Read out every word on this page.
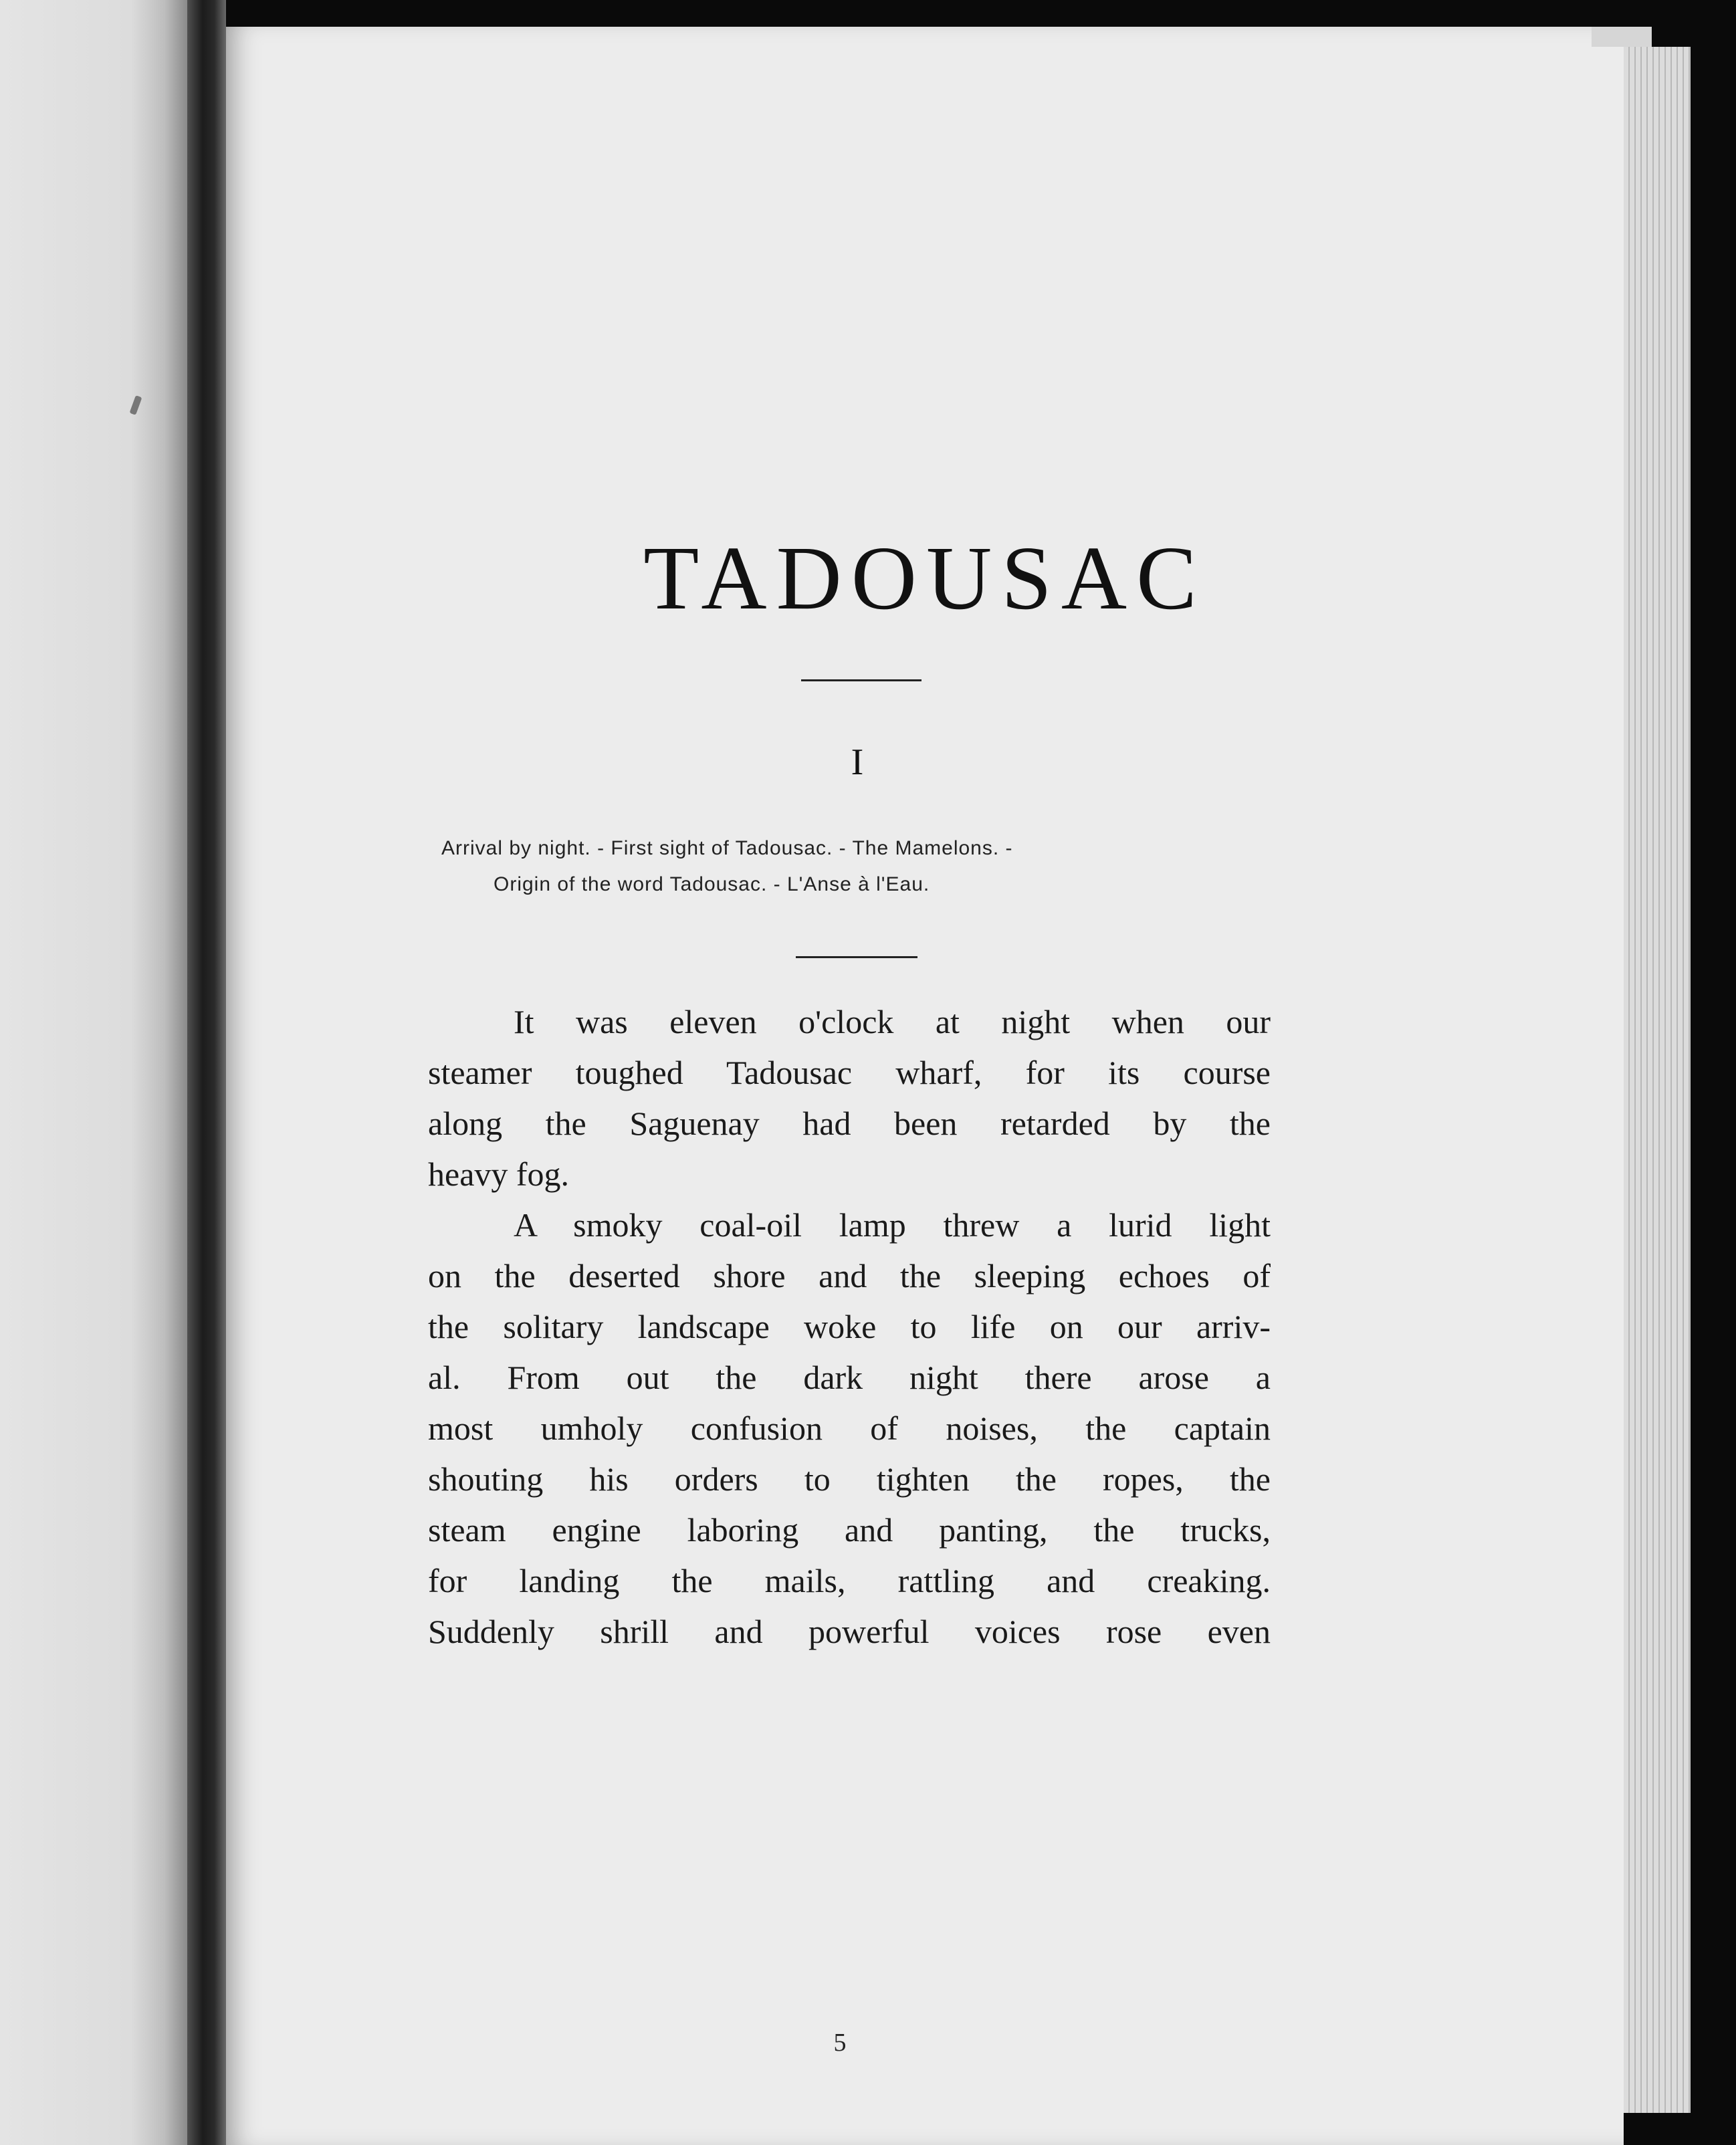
TADOUSAC
I
Arrival by night. - First sight of Tadousac. - The Mamelons. -
Origin of the word Tadousac. - L'Anse à l'Eau.
It was eleven o'clock at night when our
steamer toughed Tadousac wharf, for its course
along the Saguenay had been retarded by the
heavy fog.
A smoky coal-oil lamp threw a lurid light
on the deserted shore and the sleeping echoes of
the solitary landscape woke to life on our arriv-
al. From out the dark night there arose a
most umholy confusion of noises, the captain
shouting his orders to tighten the ropes, the
steam engine laboring and panting, the trucks,
for landing the mails, rattling and creaking.
Suddenly shrill and powerful voices rose even
5
